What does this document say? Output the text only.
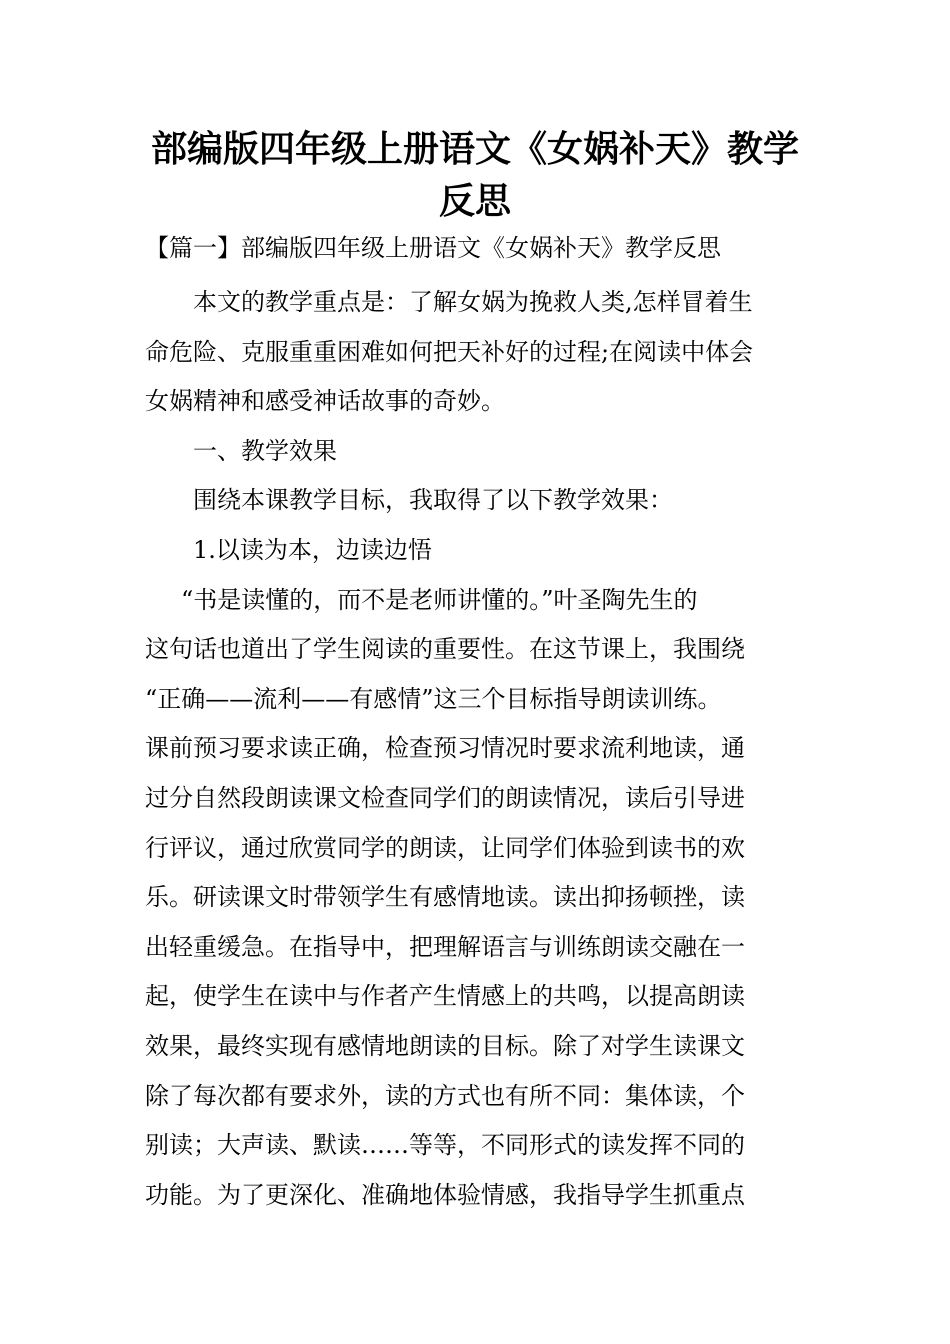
部编版四年级上册语文《女娲补天》教学
反思

【篇一】部编版四年级上册语文《女娲补天》教学反思

本文的教学重点是：了解女娲为挽救人类,怎样冒着生
命危险、克服重重困难如何把天补好的过程;在阅读中体会
女娲精神和感受神话故事的奇妙。
一、教学效果
围绕本课教学目标，我取得了以下教学效果：
1.以读为本，边读边悟
“书是读懂的，而不是老师讲懂的。”叶圣陶先生的
这句话也道出了学生阅读的重要性。在这节课上，我围绕
“正确——流利——有感情”这三个目标指导朗读训练。
课前预习要求读正确，检查预习情况时要求流利地读，通
过分自然段朗读课文检查同学们的朗读情况，读后引导进
行评议，通过欣赏同学的朗读，让同学们体验到读书的欢
乐。研读课文时带领学生有感情地读。读出抑扬顿挫，读
出轻重缓急。在指导中，把理解语言与训练朗读交融在一
起，使学生在读中与作者产生情感上的共鸣，以提高朗读
效果，最终实现有感情地朗读的目标。除了对学生读课文
除了每次都有要求外，读的方式也有所不同：集体读，个
别读；大声读、默读……等等，不同形式的读发挥不同的
功能。为了更深化、准确地体验情感，我指导学生抓重点
